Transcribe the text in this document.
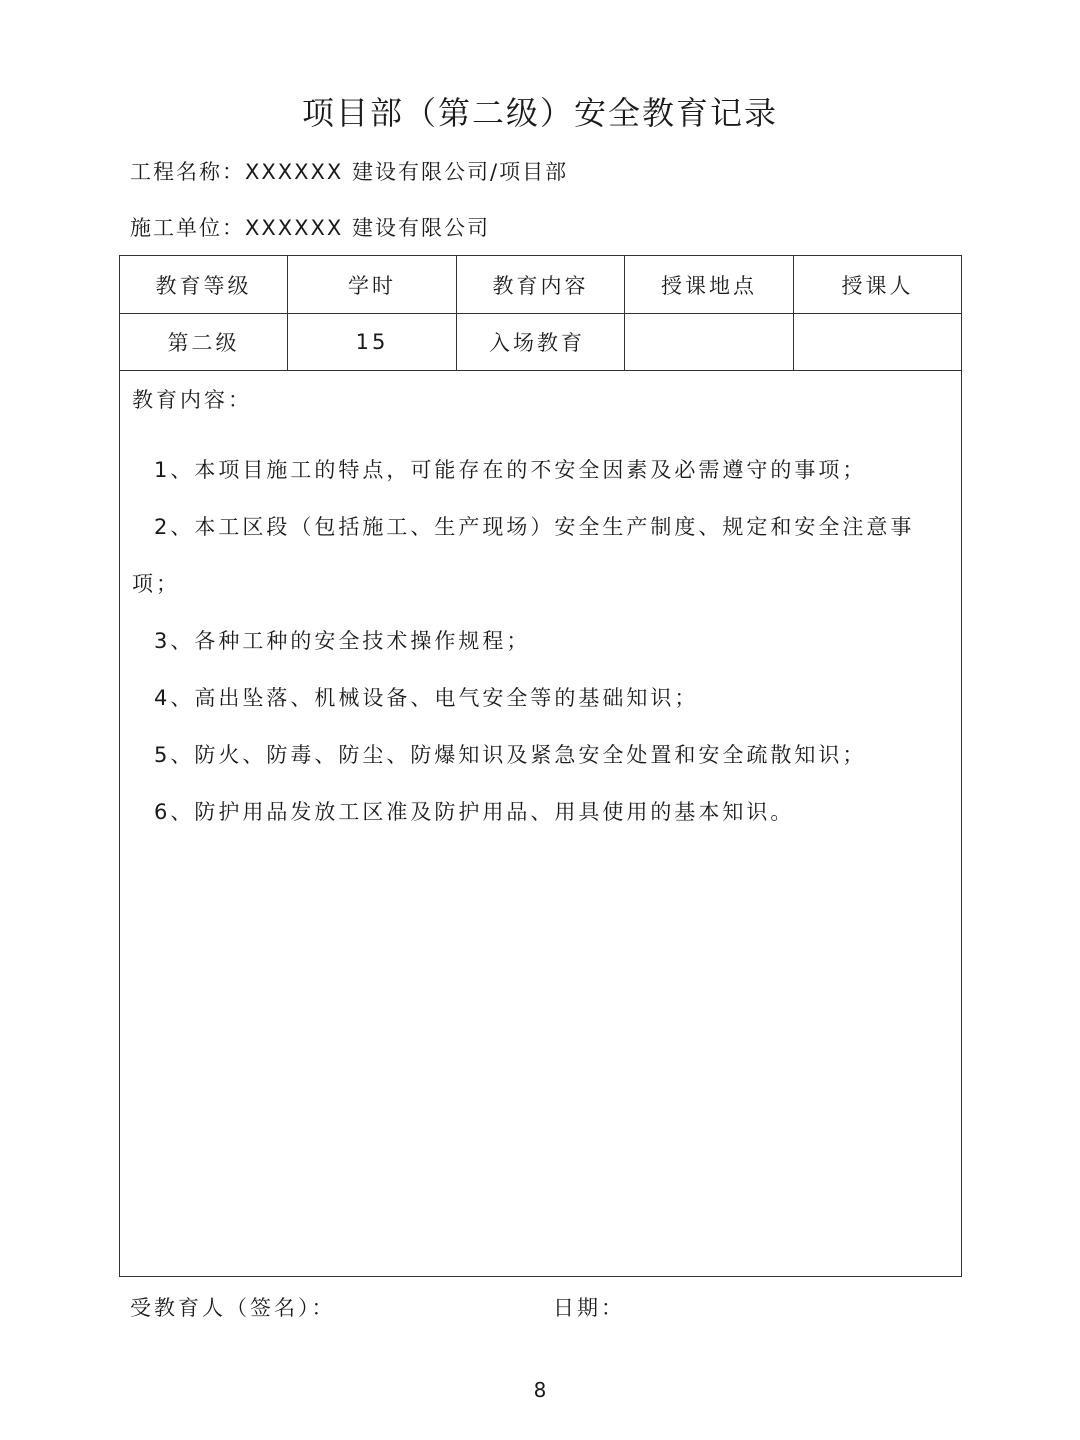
项目部（第二级）安全教育记录
工程名称：XXXXXX 建设有限公司/项目部
施工单位：XXXXXX 建设有限公司
教育等级	学时	教育内容	授课地点	授课人
第二级	15	入场教育
教育内容：
1、本项目施工的特点，可能存在的不安全因素及必需遵守的事项；
2、本工区段（包括施工、生产现场）安全生产制度、规定和安全注意事项；
3、各种工种的安全技术操作规程；
4、高出坠落、机械设备、电气安全等的基础知识；
5、防火、防毒、防尘、防爆知识及紧急安全处置和安全疏散知识；
6、防护用品发放工区准及防护用品、用具使用的基本知识。
受教育人（签名）：	日期：
8
